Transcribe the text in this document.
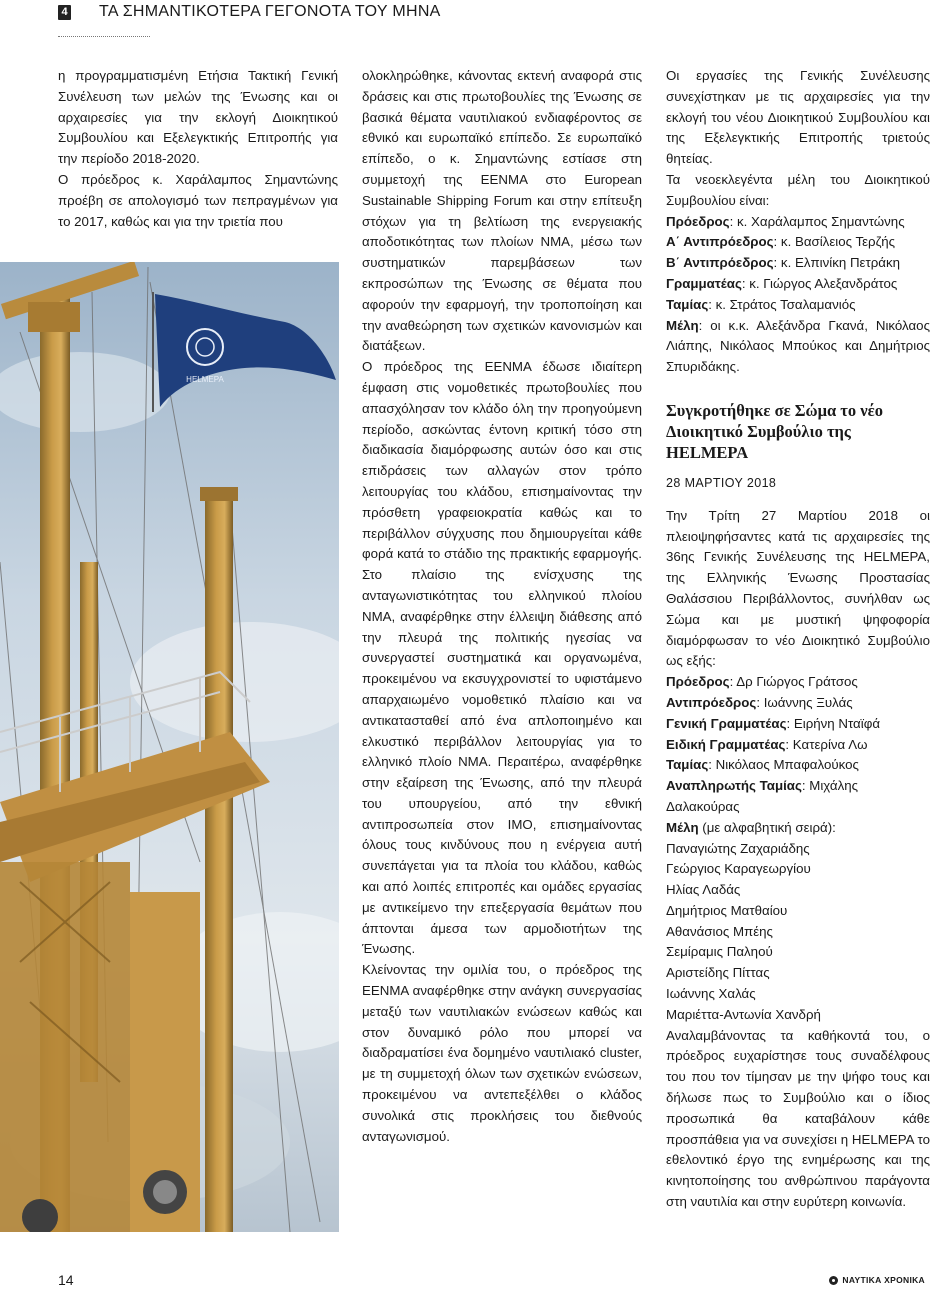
4 ΤΑ ΣΗΜΑΝΤΙΚΟΤΕΡΑ ΓΕΓΟΝΟΤΑ ΤΟΥ ΜΗΝΑ

η προγραμματισμένη Ετήσια Τακτική Γενική Συνέλευση των μελών της Ένωσης και οι αρχαιρεσίες για την εκλογή Διοικητικού Συμβουλίου και Εξελεγκτικής Επιτροπής για την περίοδο 2018-2020.

Ο πρόεδρος κ. Χαράλαμπος Σημαντώνης προέβη σε απολογισμό των πεπραγμένων για το 2017, καθώς και για την τριετία που

HELMEPA

ολοκληρώθηκε, κάνοντας εκτενή αναφορά στις δράσεις και στις πρωτοβουλίες της Ένωσης σε βασικά θέματα ναυτιλιακού ενδιαφέροντος σε εθνικό και ευρωπαϊκό επίπεδο. Σε ευρωπαϊκό επίπεδο, ο κ. Σημαντώνης εστίασε στη συμμετοχή της ΕΕΝΜΑ στο European Sustainable Shipping Forum και στην επίτευξη στόχων για τη βελτίωση της ενεργειακής αποδοτικότητας των πλοίων ΝΜΑ, μέσω των συστηματικών παρεμβάσεων των εκπροσώπων της Ένωσης σε θέματα που αφορούν την εφαρμογή, την τροποποίηση και την αναθεώρηση των σχετικών κανονισμών και διατάξεων.

Ο πρόεδρος της ΕΕΝΜΑ έδωσε ιδιαίτερη έμφαση στις νομοθετικές πρωτοβουλίες που απασχόλησαν τον κλάδο όλη την προηγούμενη περίοδο, ασκώντας έντονη κριτική τόσο στη διαδικασία διαμόρφωσης αυτών όσο και στις επιδράσεις των αλλαγών στον τρόπο λειτουργίας του κλάδου, επισημαίνοντας την πρόσθετη γραφειοκρατία καθώς και το περιβάλλον σύγχυσης που δημιουργείται κάθε φορά κατά το στάδιο της πρακτικής εφαρμογής. Στο πλαίσιο της ενίσχυσης της ανταγωνιστικότητας του ελληνικού πλοίου ΝΜΑ, αναφέρθηκε στην έλλειψη διάθεσης από την πλευρά της πολιτικής ηγεσίας να συνεργαστεί συστηματικά και οργανωμένα, προκειμένου να εκσυγχρονιστεί το υφιστάμενο απαρχαιωμένο νομοθετικό πλαίσιο και να αντικατασταθεί από ένα απλοποιημένο και ελκυστικό περιβάλλον λειτουργίας για το ελληνικό πλοίο ΝΜΑ. Περαιτέρω, αναφέρθηκε στην εξαίρεση της Ένωσης, από την πλευρά του υπουργείου, από την εθνική αντιπροσωπεία στον ΙΜΟ, επισημαίνοντας όλους τους κινδύνους που η ενέργεια αυτή συνεπάγεται για τα πλοία του κλάδου, καθώς και από λοιπές επιτροπές και ομάδες εργασίας με αντικείμενο την επεξεργασία θεμάτων που άπτονται άμεσα των αρμοδιοτήτων της Ένωσης.

Κλείνοντας την ομιλία του, ο πρόεδρος της ΕΕΝΜΑ αναφέρθηκε στην ανάγκη συνεργασίας μεταξύ των ναυτιλιακών ενώσεων καθώς και στον δυναμικό ρόλο που μπορεί να διαδραματίσει ένα δομημένο ναυτιλιακό cluster, με τη συμμετοχή όλων των σχετικών ενώσεων, προκειμένου να αντεπεξέλθει ο κλάδος συνολικά στις προκλήσεις του διεθνούς ανταγωνισμού.

Οι εργασίες της Γενικής Συνέλευσης συνεχίστηκαν με τις αρχαιρεσίες για την εκλογή του νέου Διοικητικού Συμβουλίου και της Εξελεγκτικής Επιτροπής τριετούς θητείας.

Τα νεοεκλεγέντα μέλη του Διοικητικού Συμβουλίου είναι:

Πρόεδρος: κ. Χαράλαμπος Σημαντώνης

Α΄ Αντιπρόεδρος: κ. Βασίλειος Τερζής

Β΄ Αντιπρόεδρος: κ. Ελπινίκη Πετράκη

Γραμματέας: κ. Γιώργος Αλεξανδράτος

Ταμίας: κ. Στράτος Τσαλαμανιός

Μέλη: οι κ.κ. Αλεξάνδρα Γκανά, Νικόλαος Λιάπης, Νικόλαος Μπούκος και Δημήτριος Σπυριδάκης.

Συγκροτήθηκε σε Σώμα το νέο Διοικητικό Συμβούλιο της HELMEPA

28 ΜΑΡΤΙΟΥ 2018

Την Τρίτη 27 Μαρτίου 2018 οι πλειοψηφήσαντες κατά τις αρχαιρεσίες της 36ης Γενικής Συνέλευσης της HELMEPA, της Ελληνικής Ένωσης Προστασίας Θαλάσσιου Περιβάλλοντος, συνήλθαν ως Σώμα και με μυστική ψηφοφορία διαμόρφωσαν το νέο Διοικητικό Συμβούλιο ως εξής:

Πρόεδρος: Δρ Γιώργος Γράτσος

Αντιπρόεδρος: Ιωάννης Ξυλάς

Γενική Γραμματέας: Ειρήνη Νταϊφά

Ειδική Γραμματέας: Κατερίνα Λω

Ταμίας: Νικόλαος Μπαφαλούκος

Αναπληρωτής Ταμίας: Μιχάλης Δαλακούρας

Μέλη (με αλφαβητική σειρά):

Παναγιώτης Ζαχαριάδης

Γεώργιος Καραγεωργίου

Ηλίας Λαδάς

Δημήτριος Ματθαίου

Αθανάσιος Μπέης

Σεμίραμις Παληού

Αριστείδης Πίττας

Ιωάννης Χαλάς

Μαριέττα-Αντωνία Χανδρή

Αναλαμβάνοντας τα καθήκοντά του, ο πρόεδρος ευχαρίστησε τους συναδέλφους του που τον τίμησαν με την ψήφο τους και δήλωσε πως το Συμβούλιο και ο ίδιος προσωπικά θα καταβάλουν κάθε προσπάθεια για να συνεχίσει η HELMEPA το εθελοντικό έργο της ενημέρωσης και της κινητοποίησης του ανθρώπινου παράγοντα στη ναυτιλία και στην ευρύτερη κοινωνία.

14	ΝΑΥΤΙΚΑ ΧΡΟΝΙΚΑ
